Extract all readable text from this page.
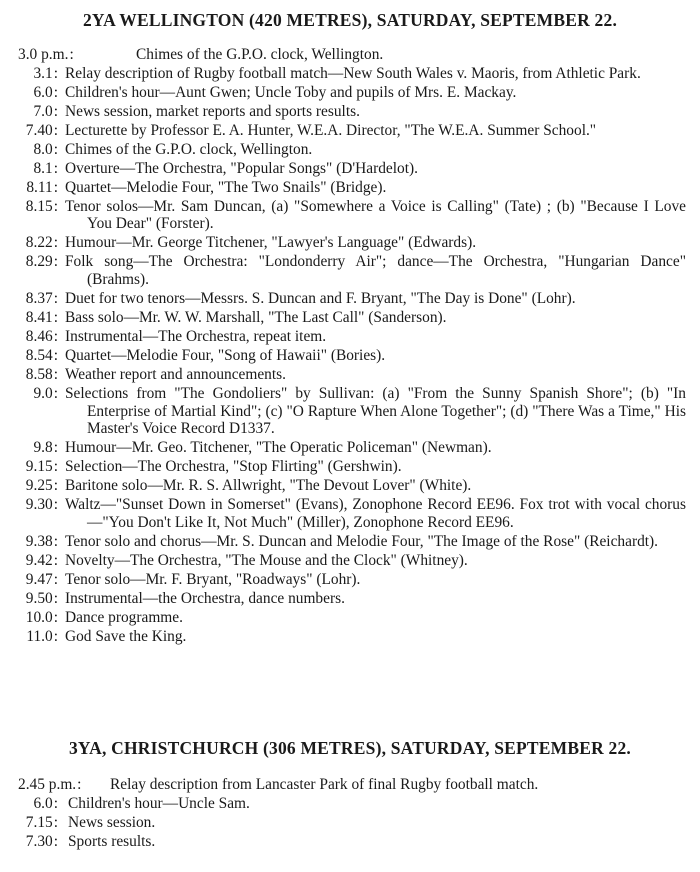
2YA WELLINGTON (420 METRES), SATURDAY, SEPTEMBER 22.
3.0 p.m. :	Chimes of the G.P.O. clock, Wellington.
3.1 : Relay description of Rugby football match—New South Wales v. Maoris, from Athletic Park.
6.0 : Children's hour—Aunt Gwen; Uncle Toby and pupils of Mrs. E. Mackay.
7.0 : News session, market reports and sports results.
7.40 : Lecturette by Professor E. A. Hunter, W.E.A. Director, "The W.E.A. Summer School."
8.0 : Chimes of the G.P.O. clock, Wellington.
8.1 : Overture—The Orchestra, "Popular Songs" (D'Hardelot).
8.11 : Quartet—Melodie Four, "The Two Snails" (Bridge).
8.15 : Tenor solos—Mr. Sam Duncan, (a) "Somewhere a Voice is Calling" (Tate) ; (b) "Because I Love You Dear" (Forster).
8.22 : Humour—Mr. George Titchener, "Lawyer's Language" (Edwards).
8.29 : Folk song—The Orchestra: "Londonderry Air"; dance—The Orchestra, "Hungarian Dance" (Brahms).
8.37 : Duet for two tenors—Messrs. S. Duncan and F. Bryant, "The Day is Done" (Lohr).
8.41 : Bass solo—Mr. W. W. Marshall, "The Last Call" (Sanderson).
8.46 : Instrumental—The Orchestra, repeat item.
8.54 : Quartet—Melodie Four, "Song of Hawaii" (Bories).
8.58 : Weather report and announcements.
9.0 : Selections from "The Gondoliers" by Sullivan: (a) "From the Sunny Spanish Shore"; (b) "In Enterprise of Martial Kind"; (c) "O Rapture When Alone Together"; (d) "There Was a Time," His Master's Voice Record D1337.
9.8 : Humour—Mr. Geo. Titchener, "The Operatic Policeman" (Newman).
9.15 : Selection—The Orchestra, "Stop Flirting" (Gershwin).
9.25 : Baritone solo—Mr. R. S. Allwright, "The Devout Lover" (White).
9.30 : Waltz—"Sunset Down in Somerset" (Evans), Zonophone Record EE96. Fox trot with vocal chorus—"You Don't Like It, Not Much" (Miller), Zonophone Record EE96.
9.38 : Tenor solo and chorus—Mr. S. Duncan and Melodie Four, "The Image of the Rose" (Reichardt).
9.42 : Novelty—The Orchestra, "The Mouse and the Clock" (Whitney).
9.47 : Tenor solo—Mr. F. Bryant, "Roadways" (Lohr).
9.50 : Instrumental—the Orchestra, dance numbers.
10.0 : Dance programme.
11.0 : God Save the King.
3YA, CHRISTCHURCH (306 METRES), SATURDAY, SEPTEMBER 22.
2.45 p.m. :	Relay description from Lancaster Park of final Rugby football match.
6.0 : Children's hour—Uncle Sam.
7.15 : News session.
7.30 : Sports results.
